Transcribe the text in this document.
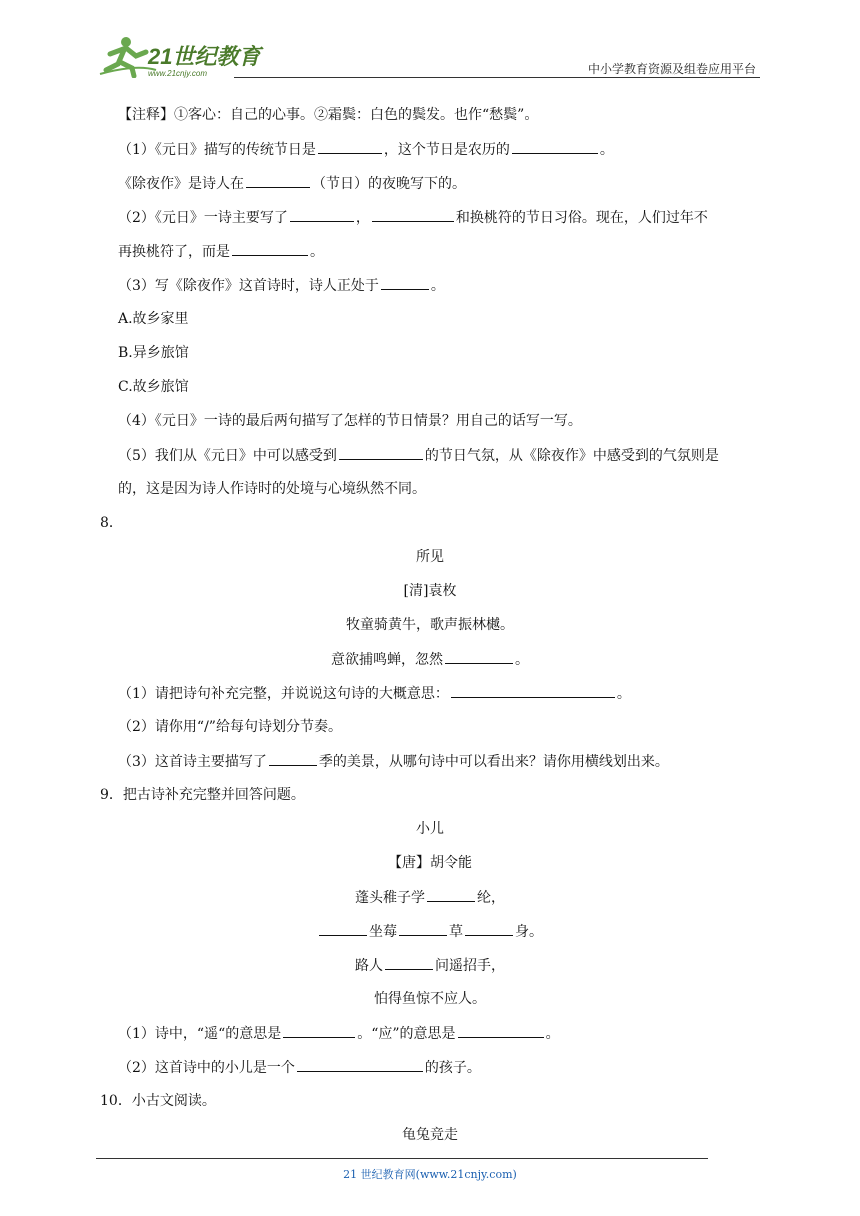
21世纪教育
www.21cnjy.com	中小学教育资源及组卷应用平台
【注释】①客心：自己的心事。②霜鬓：白色的鬓发。也作“愁鬓”。
（1）《元日》描写的传统节日是	，这个节日是农历的	。
《除夜作》是诗人在	（节日）的夜晚写下的。
（2）《元日》一诗主要写了	，	和换桃符的节日习俗。现在，人们过年不
再换桃符了，而是	。
（3）写《除夜作》这首诗时，诗人正处于	。
A.故乡家里
B.异乡旅馆
C.故乡旅馆
（4）《元日》一诗的最后两句描写了怎样的节日情景？用自己的话写一写。
（5）我们从《元日》中可以感受到	的节日气氛，从《除夜作》中感受到的气氛则是
的，这是因为诗人作诗时的处境与心境纵然不同。
8．
所见
[清]袁枚
牧童骑黄牛，歌声振林樾。
意欲捕鸣蝉，忽然	。
（1）请把诗句补充完整，并说说这句诗的大概意思：	。
（2）请你用“/”给每句诗划分节奏。
（3）这首诗主要描写了	季的美景，从哪句诗中可以看出来？请你用横线划出来。
9．把古诗补充完整并回答问题。
小儿
【唐】胡令能
蓬头稚子学	纶，
坐莓	草	身。
路人	问遥招手，
怕得鱼惊不应人。
（1）诗中，“遥“的意思是	。“应”的意思是	。
（2）这首诗中的小儿是一个	的孩子。
10．小古文阅读。
龟兔竞走
21 世纪教育网(www.21cnjy.com)
